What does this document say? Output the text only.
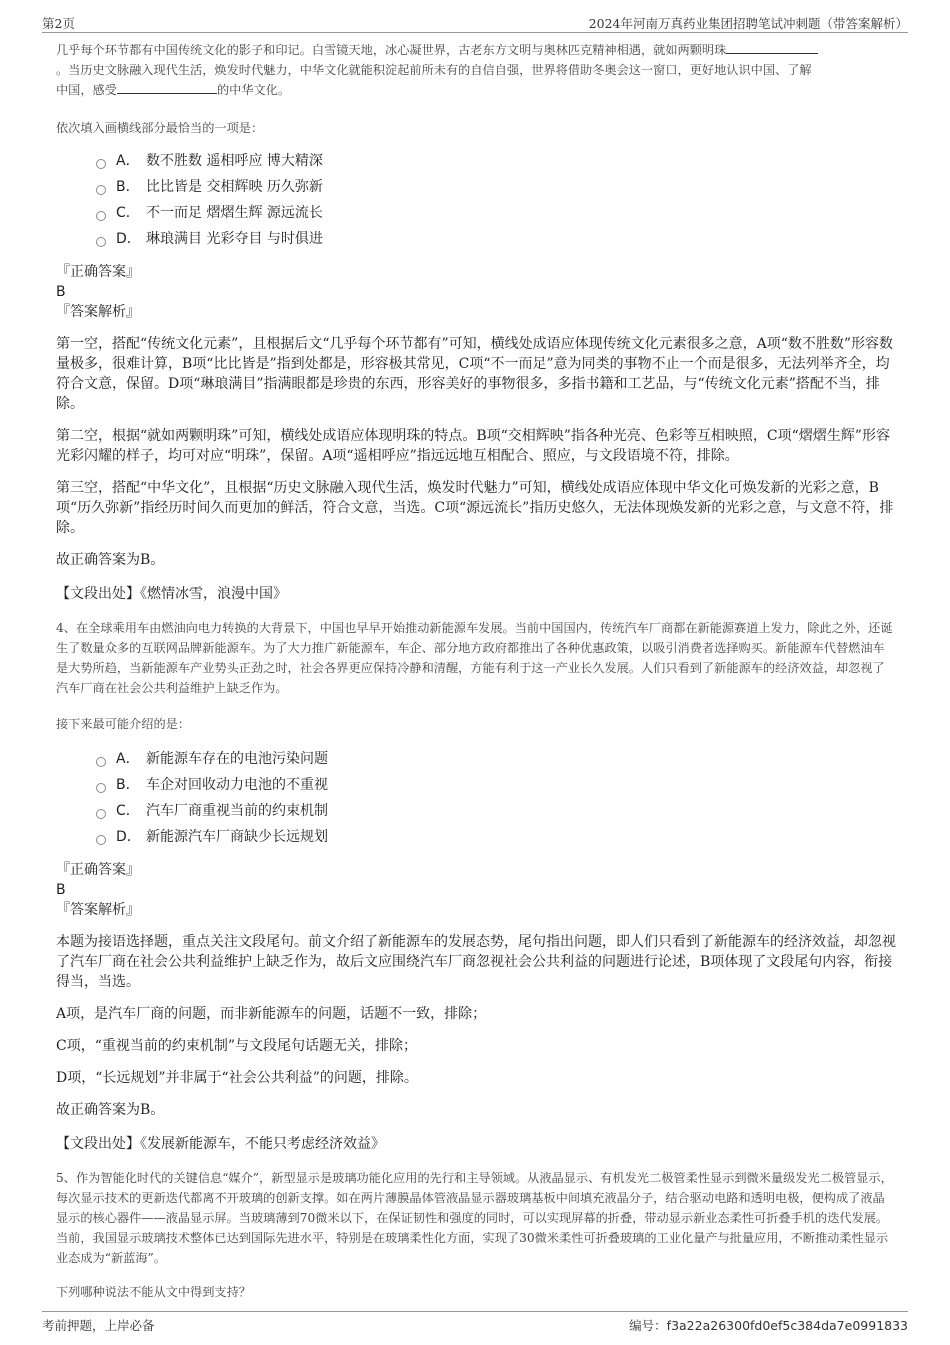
第2页	2024年河南万真药业集团招聘笔试冲刺题（带答案解析）

几乎每个环节都有中国传统文化的影子和印记。白雪镜天地，冰心凝世界，古老东方文明与奥林匹克精神相遇，就如两颗明珠
。当历史文脉融入现代生活，焕发时代魅力，中华文化就能积淀起前所未有的自信自强，世界将借助冬奥会这一窗口，更好地认识中国、了解
中国，感受	的中华文化。

依次填入画横线部分最恰当的一项是：

A． 数不胜数 遥相呼应 博大精深
B． 比比皆是 交相辉映 历久弥新
C． 不一而足 熠熠生辉 源远流长
D． 琳琅满目 光彩夺目 与时俱进

『正确答案』

B

『答案解析』

第一空，搭配“传统文化元素”，且根据后文“几乎每个环节都有”可知，横线处成语应体现传统文化元素很多之意，A项“数不胜数”形容数量极多，很难计算，B项“比比皆是”指到处都是，形容极其常见，C项“不一而足”意为同类的事物不止一个而是很多，无法列举齐全，均符合文意，保留。D项“琳琅满目”指满眼都是珍贵的东西，形容美好的事物很多，多指书籍和工艺品，与“传统文化元素”搭配不当，排除。

第二空，根据“就如两颗明珠”可知，横线处成语应体现明珠的特点。B项“交相辉映”指各种光亮、色彩等互相映照，C项“熠熠生辉”形容光彩闪耀的样子，均可对应“明珠”，保留。A项“遥相呼应”指远远地互相配合、照应，与文段语境不符，排除。

第三空，搭配“中华文化”，且根据“历史文脉融入现代生活，焕发时代魅力”可知，横线处成语应体现中华文化可焕发新的光彩之意，B项“历久弥新”指经历时间久而更加的鲜活，符合文意，当选。C项“源远流长”指历史悠久，无法体现焕发新的光彩之意，与文意不符，排除。

故正确答案为B。

【文段出处】《燃情冰雪，浪漫中国》

4、在全球乘用车由燃油向电力转换的大背景下，中国也早早开始推动新能源车发展。当前中国国内，传统汽车厂商都在新能源赛道上发力，除此之外，还诞生了数量众多的互联网品牌新能源车。为了大力推广新能源车，车企、部分地方政府都推出了各种优惠政策，以吸引消费者选择购买。新能源车代替燃油车是大势所趋，当新能源车产业势头正劲之时，社会各界更应保持冷静和清醒，方能有利于这一产业长久发展。人们只看到了新能源车的经济效益，却忽视了汽车厂商在社会公共利益维护上缺乏作为。

接下来最可能介绍的是：

A． 新能源车存在的电池污染问题
B． 车企对回收动力电池的不重视
C． 汽车厂商重视当前的约束机制
D． 新能源汽车厂商缺少长远规划

『正确答案』

B

『答案解析』

本题为接语选择题，重点关注文段尾句。前文介绍了新能源车的发展态势，尾句指出问题，即人们只看到了新能源车的经济效益，却忽视了汽车厂商在社会公共利益维护上缺乏作为，故后文应围绕汽车厂商忽视社会公共利益的问题进行论述，B项体现了文段尾句内容，衔接得当，当选。

A项，是汽车厂商的问题，而非新能源车的问题，话题不一致，排除；

C项，“重视当前的约束机制”与文段尾句话题无关，排除；

D项，“长远规划”并非属于“社会公共利益”的问题，排除。

故正确答案为B。

【文段出处】《发展新能源车，不能只考虑经济效益》

5、作为智能化时代的关键信息“媒介”，新型显示是玻璃功能化应用的先行和主导领域。从液晶显示、有机发光二极管柔性显示到微米量级发光二极管显示，每次显示技术的更新迭代都离不开玻璃的创新支撑。如在两片薄膜晶体管液晶显示器玻璃基板中间填充液晶分子，结合驱动电路和透明电极，便构成了液晶显示的核心器件——液晶显示屏。当玻璃薄到70微米以下，在保证韧性和强度的同时，可以实现屏幕的折叠，带动显示新业态柔性可折叠手机的迭代发展。当前，我国显示玻璃技术整体已达到国际先进水平，特别是在玻璃柔性化方面，实现了30微米柔性可折叠玻璃的工业化量产与批量应用，不断推动柔性显示业态成为“新蓝海”。

下列哪种说法不能从文中得到支持？

考前押题，上岸必备	编号：f3a22a26300fd0ef5c384da7e0991833
